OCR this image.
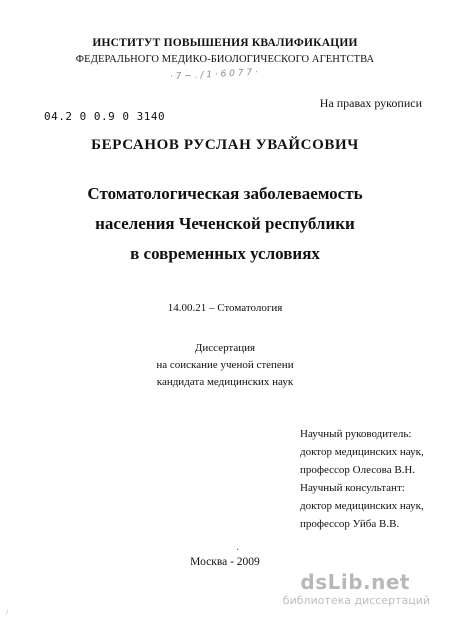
ИНСТИТУТ ПОВЫШЕНИЯ КВАЛИФИКАЦИИ
ФЕДЕРАЛЬНОГО МЕДИКО-БИОЛОГИЧЕСКОГО АГЕНТСТВА
· 7 ~ . / 1 · 6 0 7 7 ·
04.2 0 0.9 0 3140
На правах рукописи
БЕРСАНОВ РУСЛАН УВАЙСОВИЧ
Стоматологическая заболеваемость
населения Чеченской республики
в современных условиях
14.00.21 – Стоматология
Диссертация
на соискание ученой степени
кандидата медицинских наук
Научный руководитель:
доктор медицинских наук,
профессор Олесова В.Н.
Научный консультант:
доктор медицинских наук,
профессор Уйба В.В.
·
Москва - 2009
dsLib.net
библиотека диссертаций
/
